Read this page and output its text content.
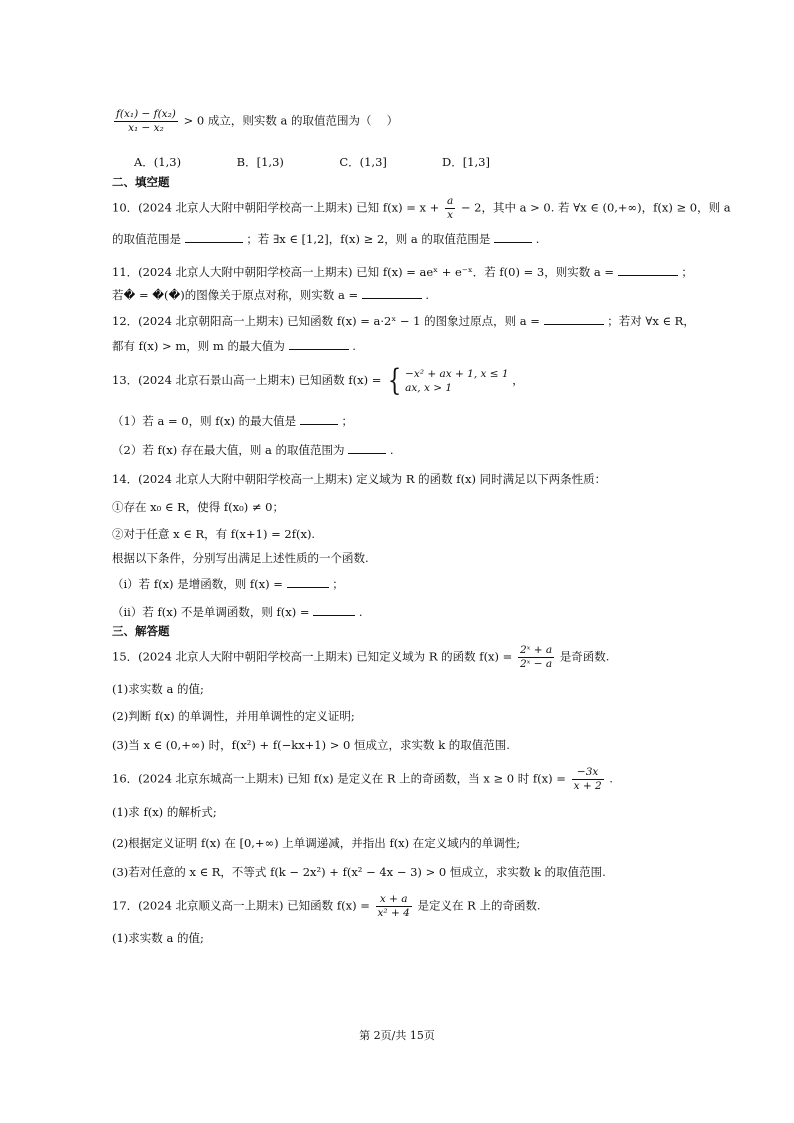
$\frac{\text{f(x₁) − f(x₂)}}{\text{x₁ − x₂}} > 0$ 成立，则实数 a 的取值范围为（　 ）
A．(1,3)	B．[1,3)	C．(1,3]	D．[1,3]
二、填空题
10．(2024 北京人大附中朝阳学校高一上期末) 已知 $f(x) = x + \frac{a}{x} - 2$，其中 a > 0. 若 ∀x ∈ (0,+∞)，f(x) ≥ 0，则 a
的取值范围是	；若 ∃x ∈ [1,2]，f(x) ≥ 2，则 a 的取值范围是	.
11．(2024 北京人大附中朝阳学校高一上期末) 已知 f(x) = aeˣ + e⁻ˣ．若 f(0) = 3，则实数 a =	；
若� = �(�)的图像关于原点对称，则实数 a =	.
12．(2024 北京朝阳高一上期末) 已知函数 f(x) = a·2ˣ − 1 的图象过原点，则 a =	；若对 ∀x ∈ R，
都有 f(x) > m，则 m 的最大值为	.
13．(2024 北京石景山高一上期末) 已知函数 f(x) = { −x² + ax + 1, x ≤ 1
ax, x > 1
，
（1）若 a = 0，则 f(x) 的最大值是	；
（2）若 f(x) 存在最大值，则 a 的取值范围为	.
14．(2024 北京人大附中朝阳学校高一上期末) 定义域为 R 的函数 f(x) 同时满足以下两条性质：
①存在 x₀ ∈ R，使得 f(x₀) ≠ 0；
②对于任意 x ∈ R，有 f(x+1) = 2f(x).
根据以下条件，分别写出满足上述性质的一个函数.
（i）若 f(x) 是增函数，则 f(x) =	；
（ii）若 f(x) 不是单调函数，则 f(x) =	.
三、解答题
15．(2024 北京人大附中朝阳学校高一上期末) 已知定义域为 R 的函数 $f(x) = \frac{\text{2ˣ + a}}{\text{2ˣ − a}}$ 是奇函数.
(1)求实数 a 的值;
(2)判断 f(x) 的单调性，并用单调性的定义证明;
(3)当 x ∈ (0,+∞) 时，f(x²) + f(−kx+1) > 0 恒成立，求实数 k 的取值范围.
16．(2024 北京东城高一上期末) 已知 f(x) 是定义在 R 上的奇函数，当 x ≥ 0 时 $f(x) = \frac{-3x}{x + 2}$ .
(1)求 f(x) 的解析式;
(2)根据定义证明 f(x) 在 [0,+∞) 上单调递减，并指出 f(x) 在定义域内的单调性;
(3)若对任意的 x ∈ R，不等式 f(k − 2x²) + f(x² − 4x − 3) > 0 恒成立，求实数 k 的取值范围.
17．(2024 北京顺义高一上期末) 已知函数 $f(x) = \frac{x + a}{\text{x² + 4}}$ 是定义在 R 上的奇函数.
(1)求实数 a 的值;
第 2页/共 15页
